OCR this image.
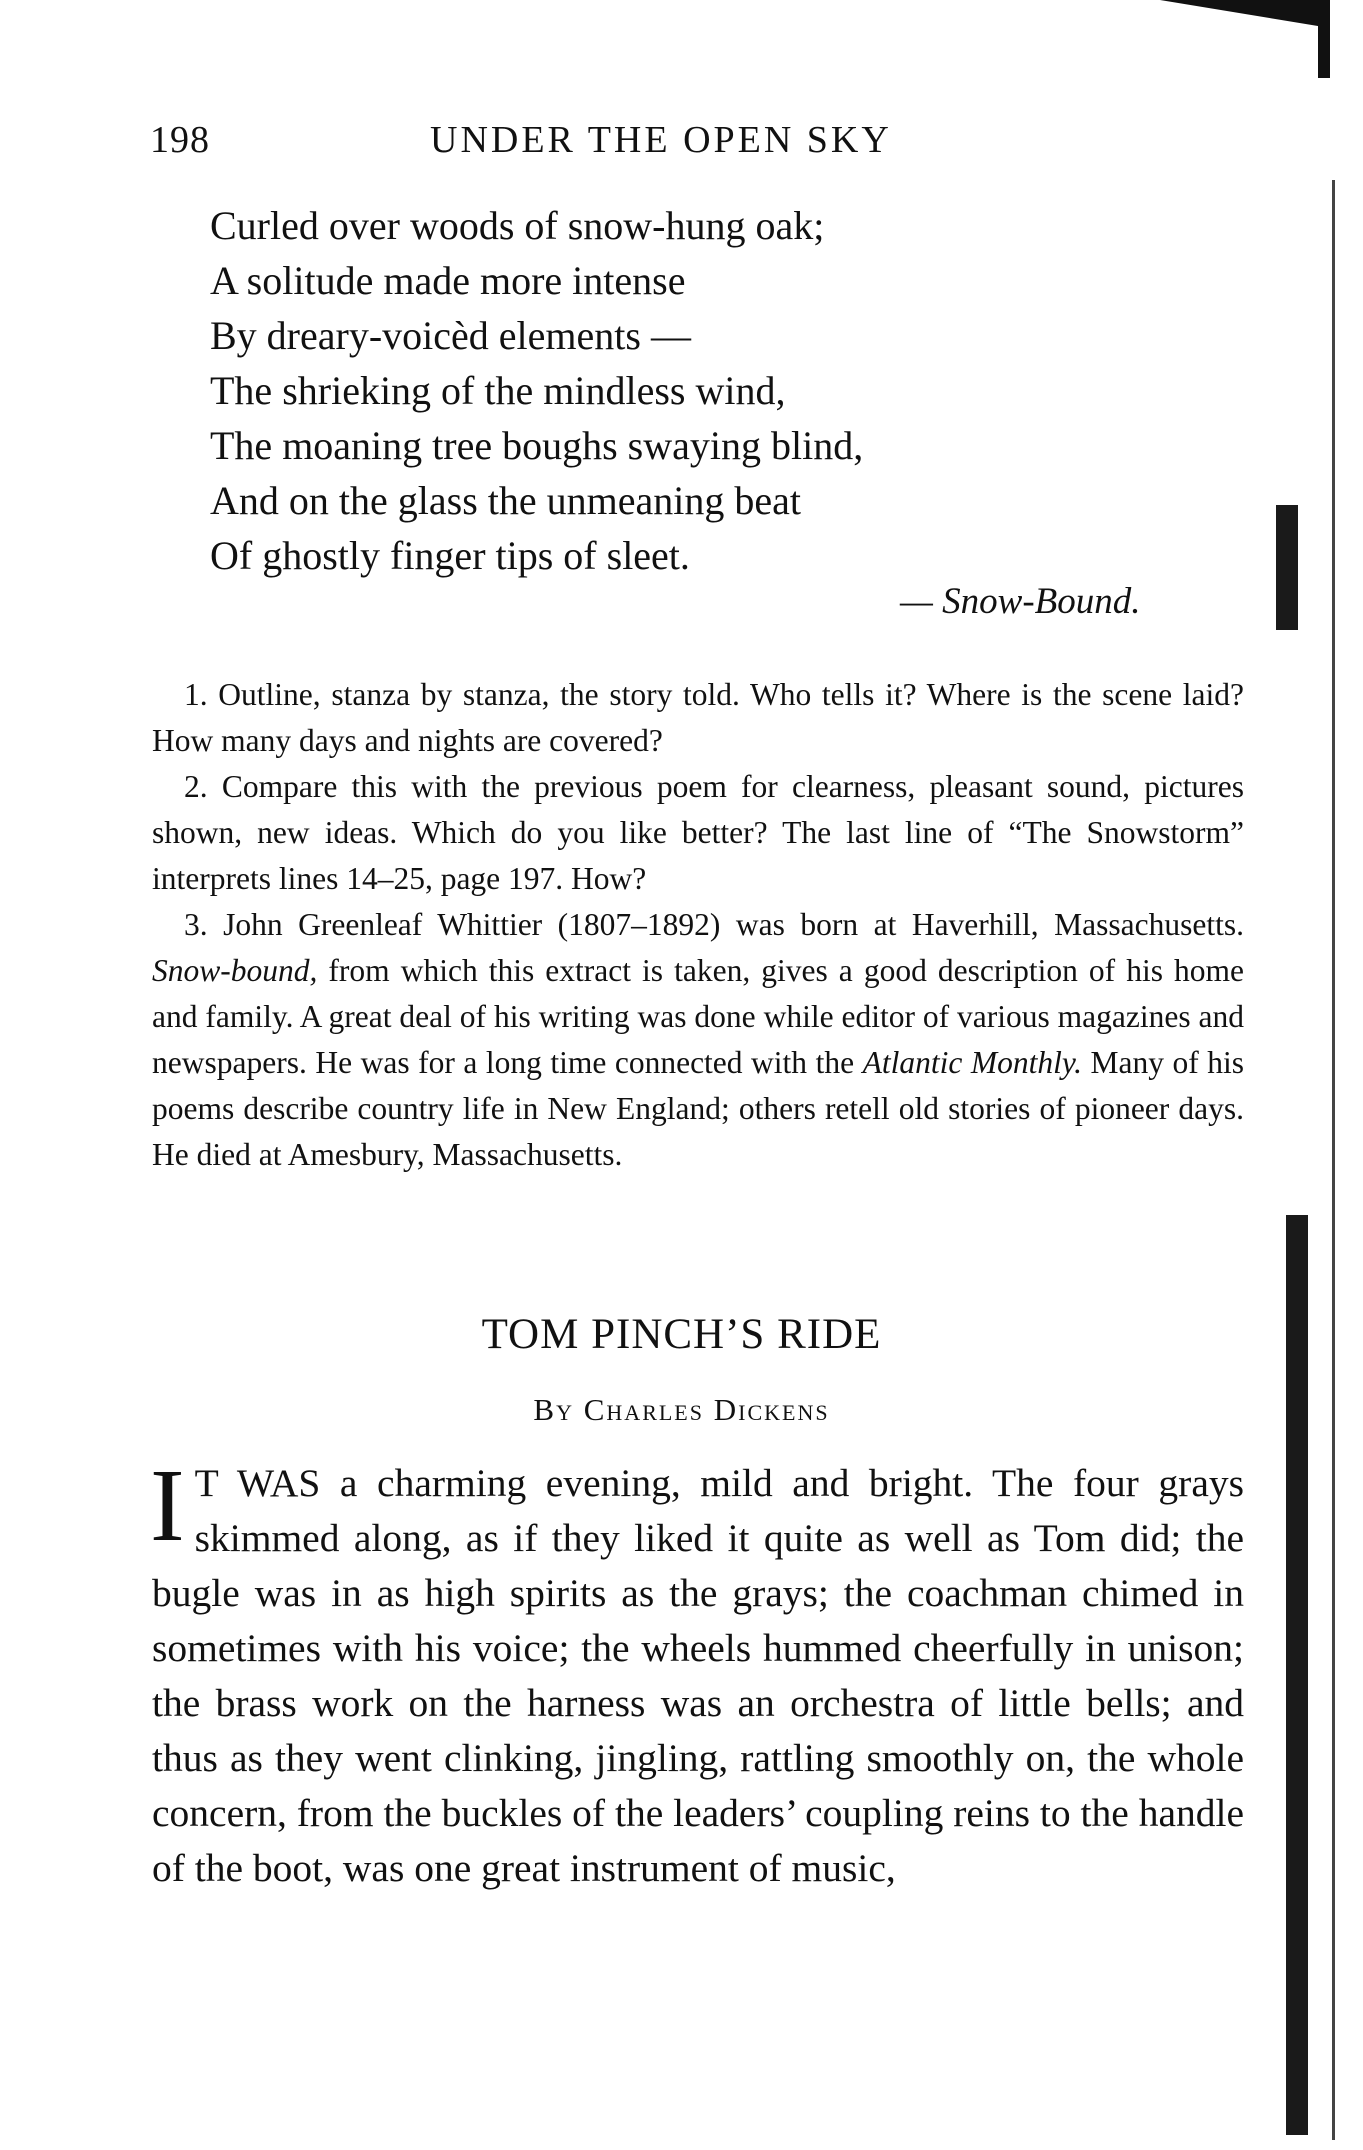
198	UNDER THE OPEN SKY
Curled over woods of snow-hung oak;
A solitude made more intense
By dreary-voicèd elements —
The shrieking of the mindless wind,
The moaning tree boughs swaying blind,
And on the glass the unmeaning beat
Of ghostly finger tips of sleet.
— Snow-Bound.

1. Outline, stanza by stanza, the story told. Who tells it? Where is the scene laid? How many days and nights are covered?

2. Compare this with the previous poem for clearness, pleasant sound, pictures shown, new ideas. Which do you like better? The last line of “The Snowstorm” interprets lines 14–25, page 197. How?

3. John Greenleaf Whittier (1807–1892) was born at Haverhill, Massachusetts. Snow-bound, from which this extract is taken, gives a good description of his home and family. A great deal of his writing was done while editor of various magazines and newspapers. He was for a long time connected with the Atlantic Monthly. Many of his poems describe country life in New England; others retell old stories of pioneer days. He died at Amesbury, Massachusetts.

TOM PINCH’S RIDE
By Charles Dickens
I T WAS a charming evening, mild and bright. The four grays skimmed along, as if they liked it quite as well as Tom did; the bugle was in as high spirits as the grays; the coachman chimed in sometimes with his voice; the wheels hummed cheerfully in unison; the brass work on the harness was an orchestra of little bells; and thus as they went clinking, jingling, rattling smoothly on, the whole concern, from the buckles of the leaders’ coupling reins to the handle of the boot, was one great instrument of music,
